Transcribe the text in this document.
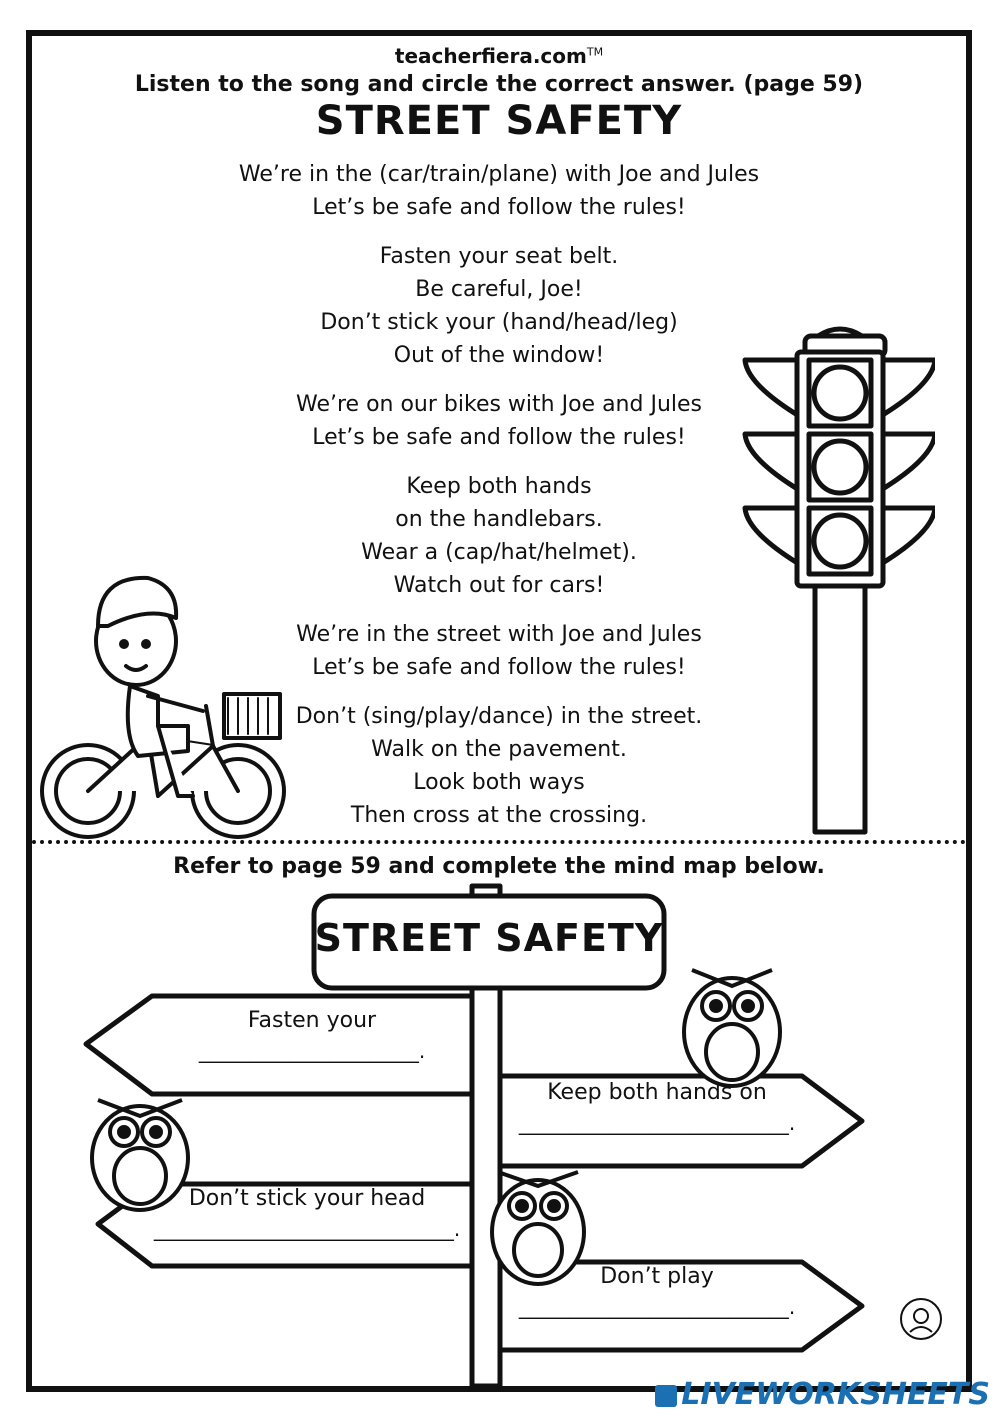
teacherfiera.com™
Listen to the song and circle the correct answer. (page 59)
STREET SAFETY
We’re in the (car/train/plane) with Joe and Jules
Let’s be safe and follow the rules!
Fasten your seat belt.
Be careful, Joe!
Don’t stick your (hand/head/leg)
Out of the window!
We’re on our bikes with Joe and Jules
Let’s be safe and follow the rules!
Keep both hands
on the handlebars.
Wear a (cap/hat/helmet).
Watch out for cars!
We’re in the street with Joe and Jules
Let’s be safe and follow the rules!
Don’t (sing/play/dance) in the street.
Walk on the pavement.
Look both ways
Then cross at the crossing.
Refer to page 59 and complete the mind map below.
STREET SAFETY
Fasten your
______________________.
Keep both hands on
___________________________.
Don’t stick your head
______________________________.
Don’t play
___________________________.
LIVEWORKSHEETS
